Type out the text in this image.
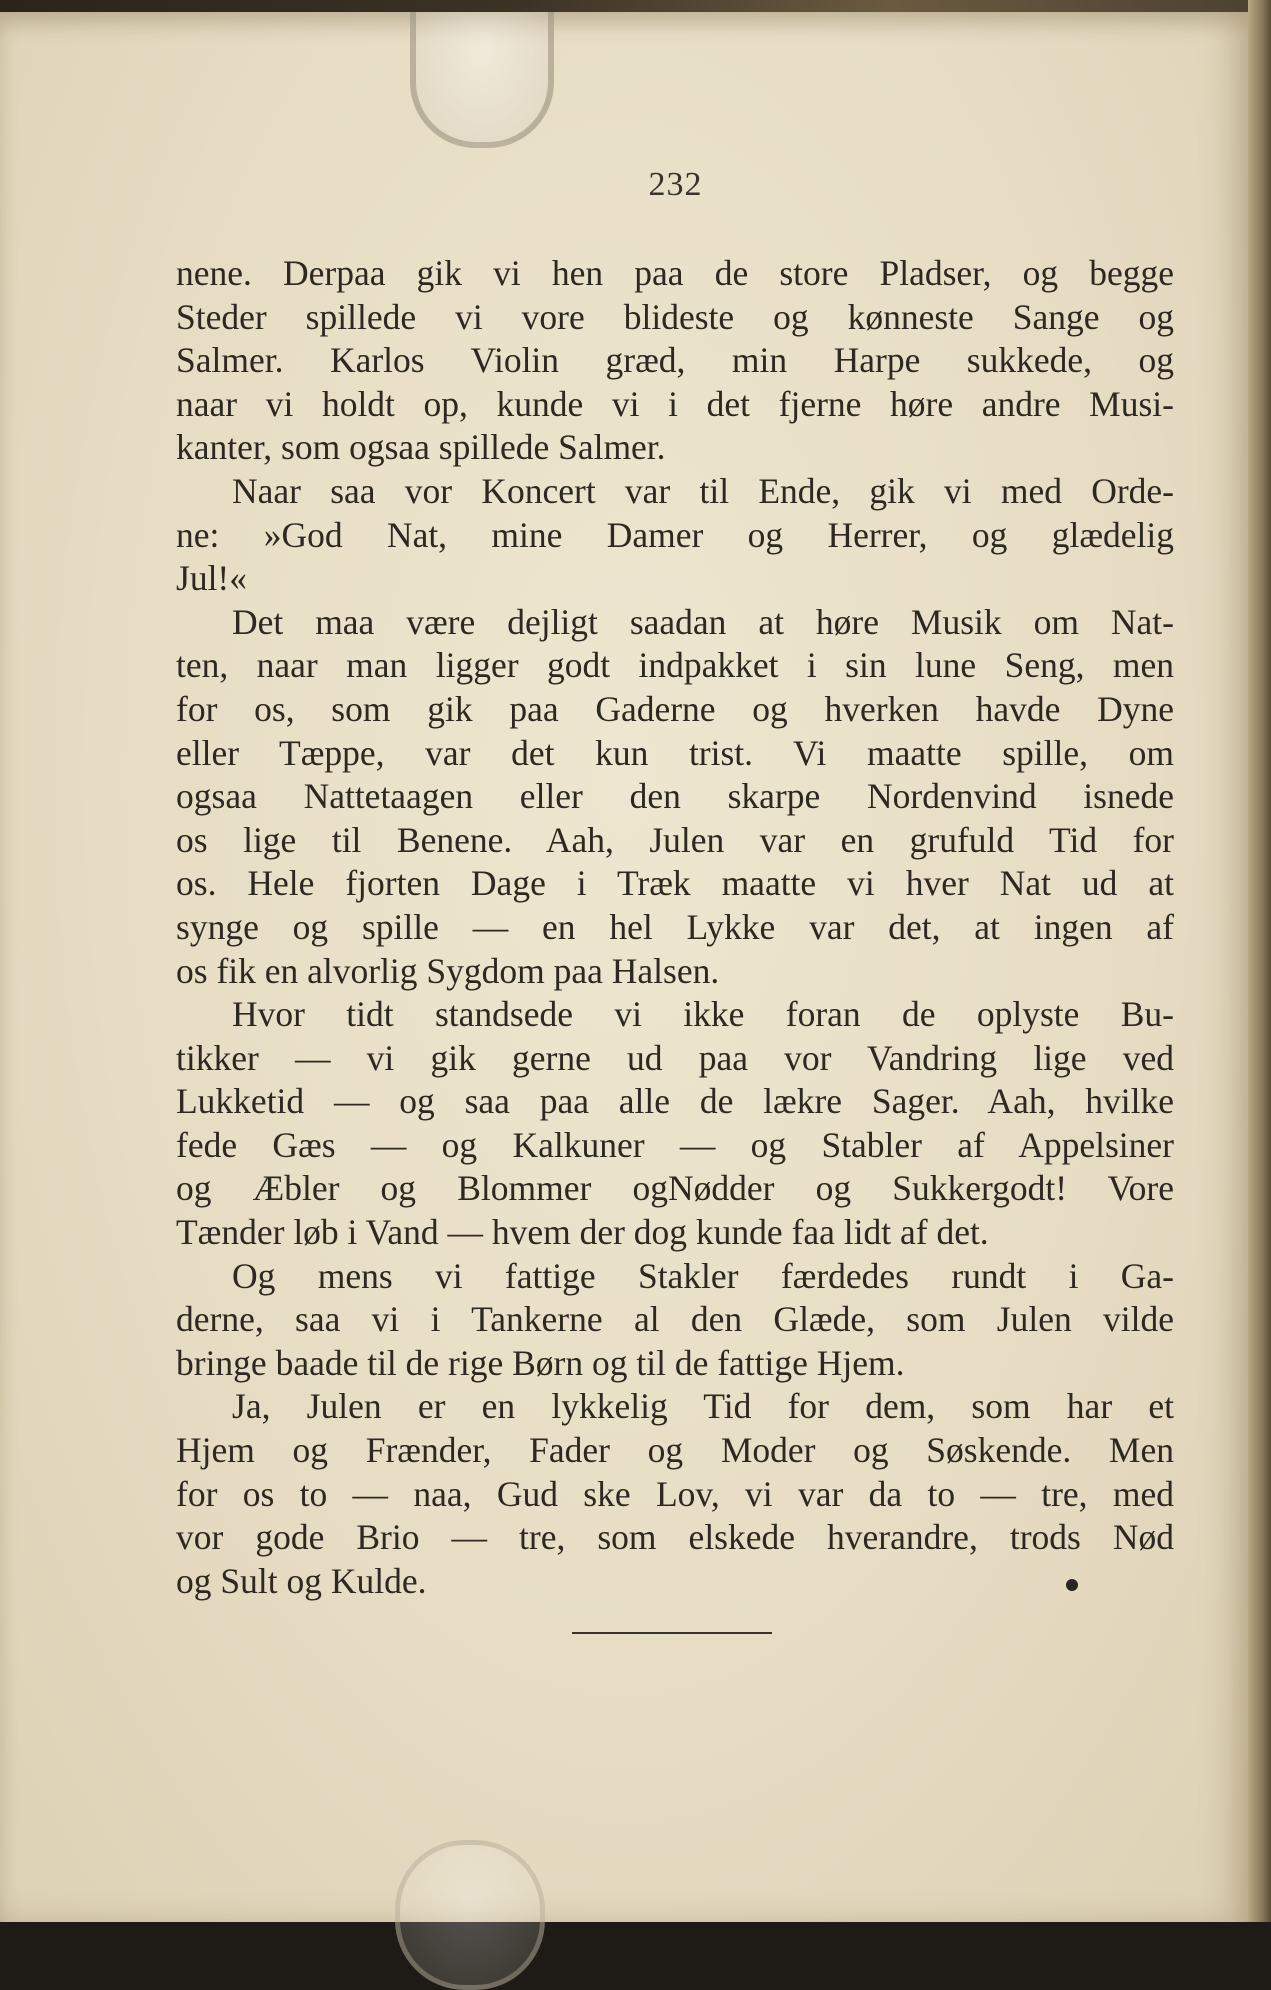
232
nene. Derpaa gik vi hen paa de store Pladser, og begge
Steder spillede vi vore blideste og kønneste Sange og
Salmer. Karlos Violin græd, min Harpe sukkede, og
naar vi holdt op, kunde vi i det fjerne høre andre Musi-
kanter, som ogsaa spillede Salmer.
Naar saa vor Koncert var til Ende, gik vi med Orde-
ne: »God Nat, mine Damer og Herrer, og glædelig
Jul!«
Det maa være dejligt saadan at høre Musik om Nat-
ten, naar man ligger godt indpakket i sin lune Seng, men
for os, som gik paa Gaderne og hverken havde Dyne
eller Tæppe, var det kun trist. Vi maatte spille, om
ogsaa Nattetaagen eller den skarpe Nordenvind isnede
os lige til Benene. Aah, Julen var en grufuld Tid for
os. Hele fjorten Dage i Træk maatte vi hver Nat ud at
synge og spille — en hel Lykke var det, at ingen af
os fik en alvorlig Sygdom paa Halsen.
Hvor tidt standsede vi ikke foran de oplyste Bu-
tikker — vi gik gerne ud paa vor Vandring lige ved
Lukketid — og saa paa alle de lækre Sager. Aah, hvilke
fede Gæs — og Kalkuner — og Stabler af Appelsiner
og Æbler og Blommer ogNødder og Sukkergodt! Vore
Tænder løb i Vand — hvem der dog kunde faa lidt af det.
Og mens vi fattige Stakler færdedes rundt i Ga-
derne, saa vi i Tankerne al den Glæde, som Julen vilde
bringe baade til de rige Børn og til de fattige Hjem.
Ja, Julen er en lykkelig Tid for dem, som har et
Hjem og Frænder, Fader og Moder og Søskende. Men
for os to — naa, Gud ske Lov, vi var da to — tre, med
vor gode Brio — tre, som elskede hverandre, trods Nød
og Sult og Kulde.
